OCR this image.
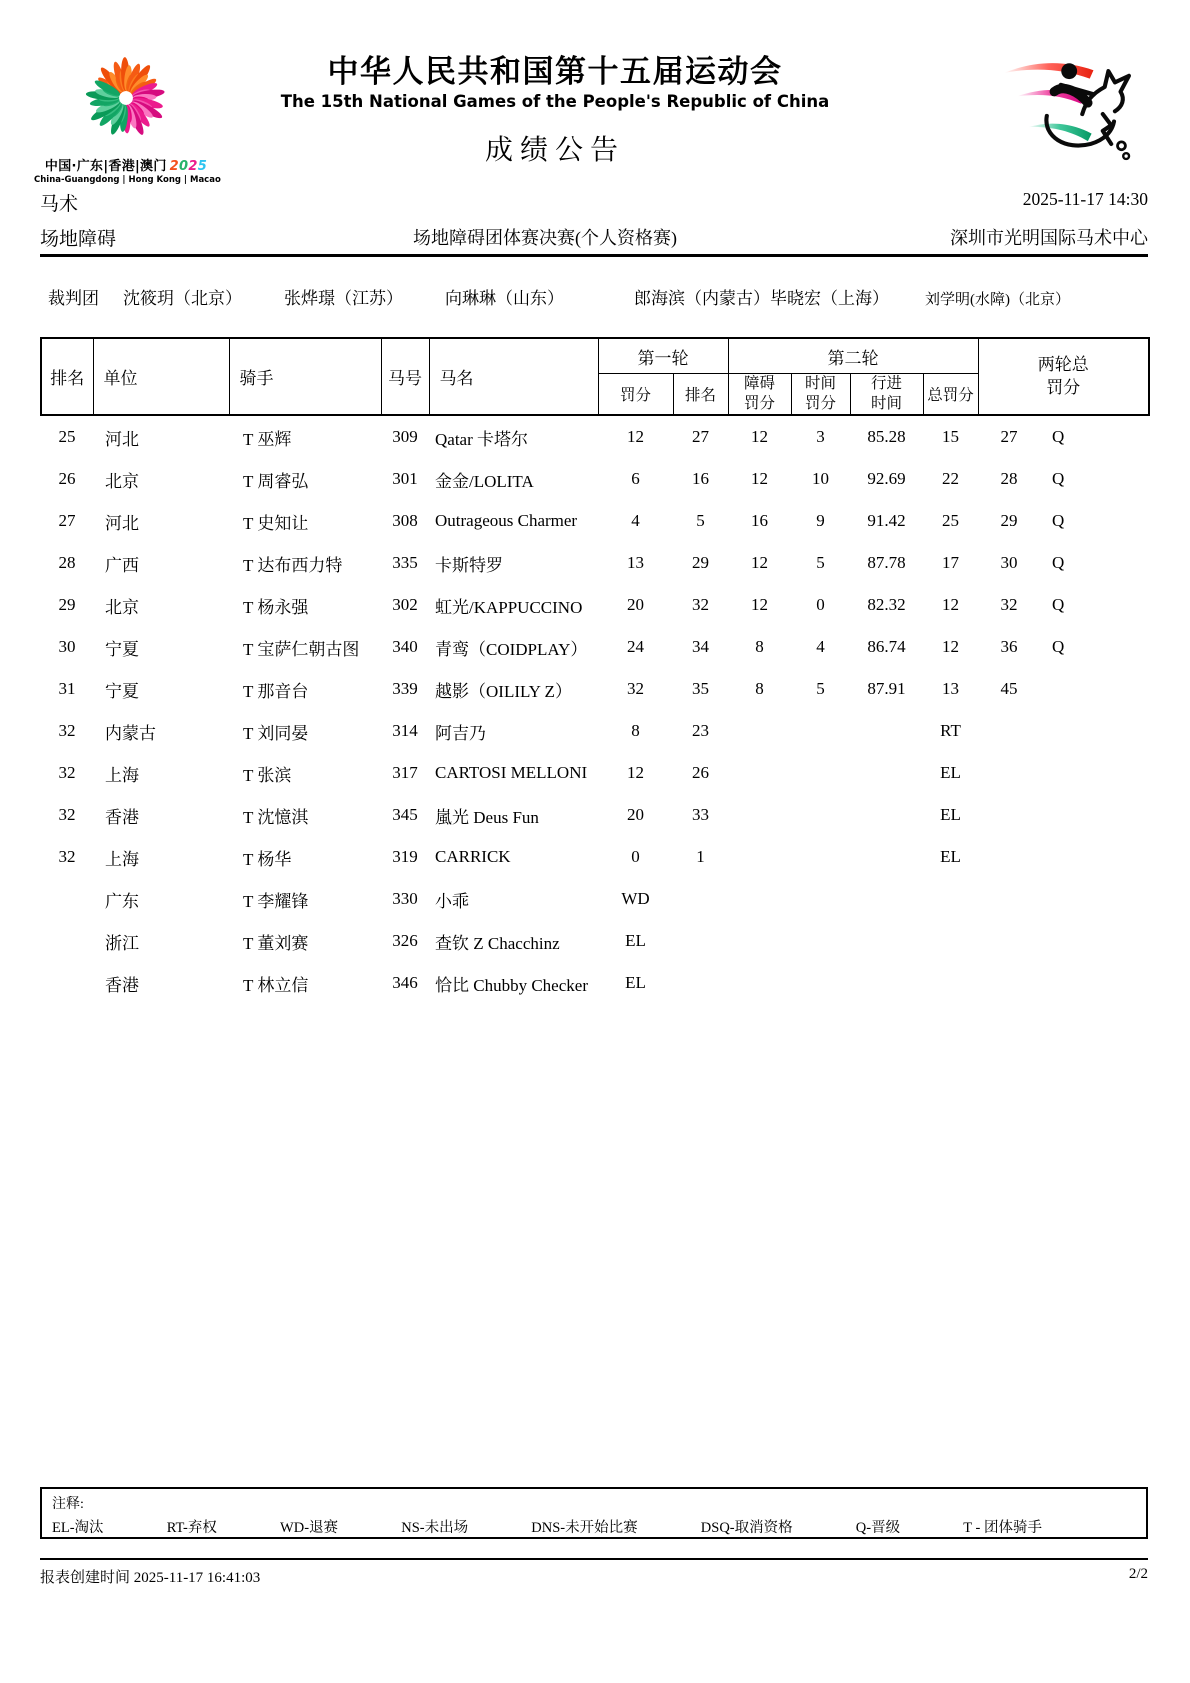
中国·广东|香港|澳门 2025
China-Guangdong | Hong Kong | Macao
中华人民共和国第十五届运动会
The 15th National Games of the People's Republic of China
成绩公告
马术	2025-11-17 14:30
场地障碍	场地障碍团体赛决赛(个人资格赛)	深圳市光明国际马术中心
裁判团 沈筱玥（北京） 张烨璟（江苏） 向琳琳（山东）	郎海滨（内蒙古）毕晓宏（上海） 刘学明(水障)（北京）
排名	单位	骑手	马号	马名	第一轮		第二轮				两轮总罚分	
					罚分	排名	障碍罚分	时间罚分	行进时间	总罚分		
25	河北	T 巫辉	309	Qatar 卡塔尔	12	27	12	3	85.28	15	27	Q
26	北京	T 周睿弘	301	金金/LOLITA	6	16	12	10	92.69	22	28	Q
27	河北	T 史知让	308	Outrageous Charmer	4	5	16	9	91.42	25	29	Q
28	广西	T 达布西力特	335	卡斯特罗	13	29	12	5	87.78	17	30	Q
29	北京	T 杨永强	302	虹光/KAPPUCCINO	20	32	12	0	82.32	12	32	Q
30	宁夏	T 宝萨仁朝古图	340	青鸾（COIDPLAY）	24	34	8	4	86.74	12	36	Q
31	宁夏	T 那音台	339	越影（OILILY Z）	32	35	8	5	87.91	13	45	
32	内蒙古	T 刘同晏	314	阿吉乃	8	23				RT		
32	上海	T 张滨	317	CARTOSI MELLONI	12	26				EL		
32	香港	T 沈憶淇	345	嵐光 Deus Fun	20	33				EL		
32	上海	T 杨华	319	CARRICK	0	1				EL		
	广东	T 李耀锋	330	小乖	WD							
	浙江	T 董刘赛	326	查钦 Z Chacchinz	EL							
	香港	T 林立信	346	恰比 Chubby Checker	EL							
注释:
EL-淘汰	RT-弃权	WD-退赛	NS-未出场	DNS-未开始比赛	DSQ-取消资格	Q-晋级	T - 团体骑手
报表创建时间 2025-11-17 16:41:03	2/2
